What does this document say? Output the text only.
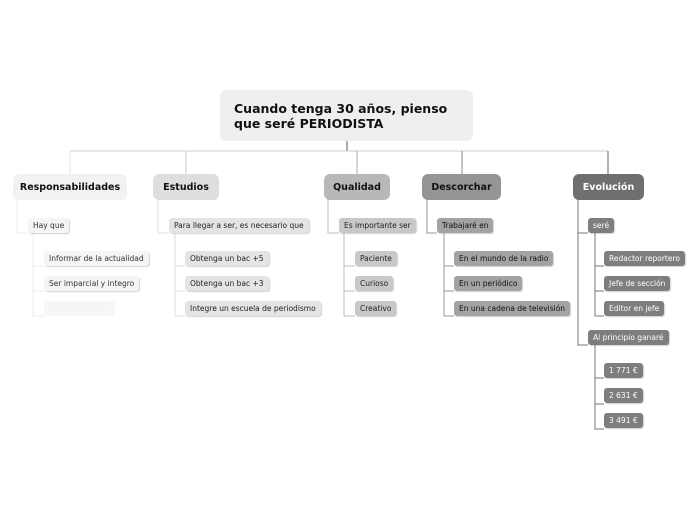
Cuando tenga 30 años, pienso que seré PERIODISTA
Responsabilidades	Estudios	Qualidad	Descorchar	Evolución
Hay que
Informar de la actualidad
Ser imparcial y integro
Saber investigar
Para llegar a ser, es necesario que
Obtenga un bac +5
Obtenga un bac +3
Integre un escuela de periodismo
Es importante ser
Paciente
Curioso
Creativo
Trabajaré en
En el mundo de la radio
En un periódico
En una cadena de televisión
seré
Redactor reportero
Jefe de sección
Editor en jefe
Al principio ganaré
1 771 €
2 631 €
3 491 €
